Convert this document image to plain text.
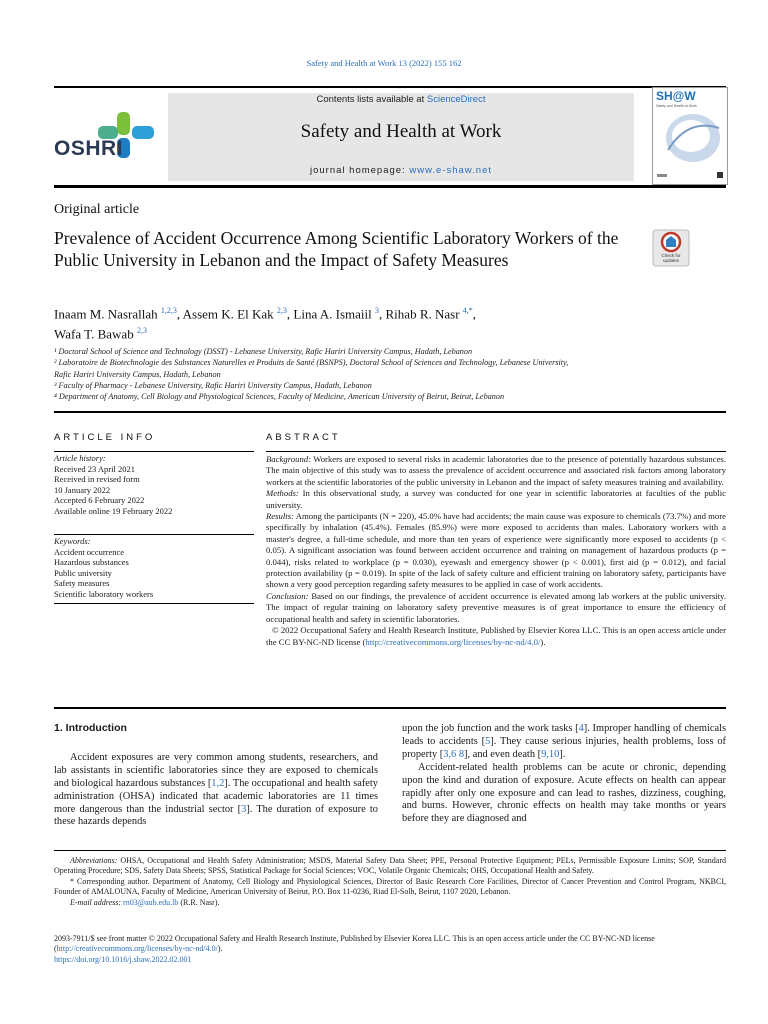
Safety and Health at Work 13 (2022) 155 162
OSHRI
Contents lists available at ScienceDirect
Safety and Health at Work
journal homepage: www.e-shaw.net
SH@W
Safety and Health at Work
Original article
Check for updates
Prevalence of Accident Occurrence Among Scientific Laboratory Workers of the Public University in Lebanon and the Impact of Safety Measures
Inaam M. Nasrallah $^{1,2,3}$, Assem K. El Kak $^{2,3}$, Lina A. Ismaiil $^3$, Rihab R. Nasr $^{4,*}$,
Wafa T. Bawab $^{2,3}$
¹ Doctoral School of Science and Technology (DSST) - Lebanese University, Rafic Hariri University Campus, Hadath, Lebanon
² Laboratoire de Biotechnologie des Substances Naturelles et Produits de Santé (BSNPS), Doctoral School of Sciences and Technology, Lebanese University,
Rafic Hariri University Campus, Hadath, Lebanon
³ Faculty of Pharmacy - Lebanese University, Rafic Hariri University Campus, Hadath, Lebanon
⁴ Department of Anatomy, Cell Biology and Physiological Sciences, Faculty of Medicine, American University of Beirut, Beirut, Lebanon
ARTICLE INFO	ABSTRACT
Article history:
Received 23 April 2021
Received in revised form
10 January 2022
Accepted 6 February 2022
Available online 19 February 2022
Keywords:
Accident occurrence
Hazardous substances
Public university
Safety measures
Scientific laboratory workers

Background: Workers are exposed to several risks in academic laboratories due to the presence of potentially hazardous substances. The main objective of this study was to assess the prevalence of accident occurrence and associated risk factors among laboratory workers at the scientific laboratories of the public university in Lebanon and the impact of safety measures training and availability.

Methods: In this observational study, a survey was conducted for one year in scientific laboratories at faculties of the public university.

Results: Among the participants (N = 220), 45.0% have had accidents; the main cause was exposure to chemicals (73.7%) and more specifically by inhalation (45.4%). Females (85.9%) were more exposed to accidents than males. Laboratory workers with a master's degree, a full-time schedule, and more than ten years of experience were significantly more exposed to accidents (p < 0.05). A significant association was found between accident occurrence and training on management of hazardous products (p = 0.044), risks related to workplace (p = 0.030), eyewash and emergency shower (p < 0.001), first aid (p = 0.012), and facial protection availability (p = 0.019). In spite of the lack of safety culture and efficient training on laboratory safety, participants have shown a very good perception regarding safety measures to be applied in case of work accidents.

Conclusion: Based on our findings, the prevalence of accident occurrence is elevated among lab workers at the public university. The impact of regular training on laboratory safety preventive measures is of great importance to ensure the efficiency of occupational health and safety in scientific laboratories.

© 2022 Occupational Safety and Health Research Institute, Published by Elsevier Korea LLC. This is an open access article under the CC BY-NC-ND license (http://creativecommons.org/licenses/by-nc-nd/4.0/).

1. Introduction

Accident exposures are very common among students, researchers, and lab assistants in scientific laboratories since they are exposed to chemicals and biological hazardous substances [1,2]. The occupational and health safety administration (OHSA) indicated that academic laboratories are 11 times more dangerous than the industrial sector [3]. The duration of exposure to these hazards depends

upon the job function and the work tasks [4]. Improper handling of chemicals leads to accidents [5]. They cause serious injuries, health problems, loss of property [3,6 8], and even death [9,10].

Accident-related health problems can be acute or chronic, depending upon the kind and duration of exposure. Acute effects on health can appear rapidly after only one exposure and can lead to rashes, dizziness, coughing, and burns. However, chronic effects on health may take months or years before they are diagnosed and

Abbreviations: OHSA, Occupational and Health Safety Administration; MSDS, Material Safety Data Sheet; PPE, Personal Protective Equipment; PELs, Permissible Exposure Limits; SOP, Standard Operating Procedure; SDS, Safety Data Sheets; SPSS, Statistical Package for Social Sciences; VOC, Volatile Organic Chemicals; OHS, Occupational Health and Safety.

* Corresponding author. Department of Anatomy, Cell Biology and Physiological Sciences, Director of Basic Research Core Facilities, Director of Cancer Prevention and Control Program, NKBCI, Founder of AMALOUNA, Faculty of Medicine, American University of Beirut, P.O. Box 11-0236, Riad El-Solh, Beirut, 1107 2020, Lebanon.

E-mail address: rn03@aub.edu.lb (R.R. Nasr).

2093-7911/$ see front matter © 2022 Occupational Safety and Health Research Institute, Published by Elsevier Korea LLC. This is an open access article under the CC BY-NC-ND license (http://creativecommons.org/licenses/by-nc-nd/4.0/).

https://doi.org/10.1016/j.shaw.2022.02.001
